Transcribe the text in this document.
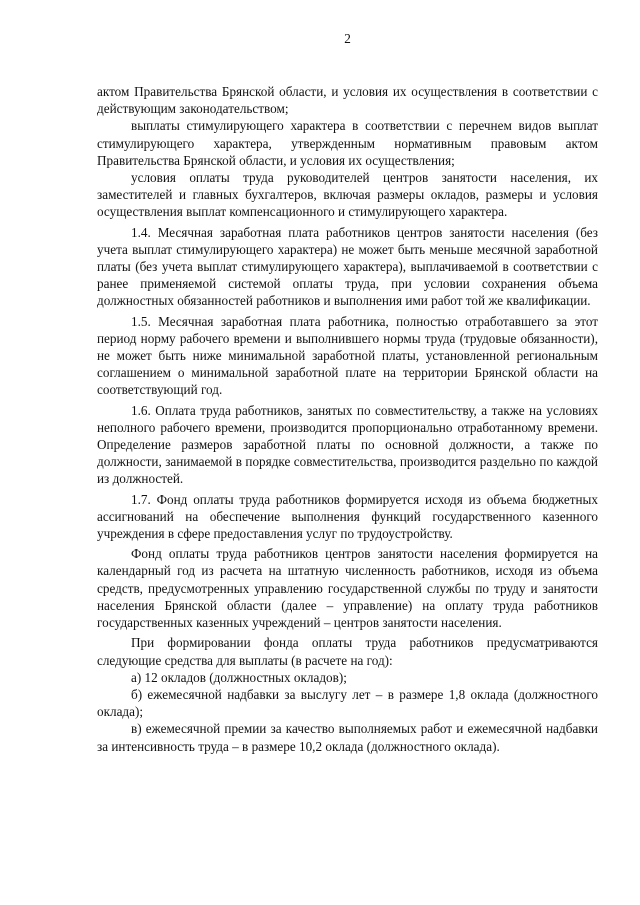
2

актом Правительства Брянской области, и условия их осуществления в соответствии с действующим законодательством;

выплаты стимулирующего характера в соответствии с перечнем видов выплат стимулирующего характера, утвержденным нормативным правовым актом Правительства Брянской области, и условия их осуществления;

условия оплаты труда руководителей центров занятости населения, их заместителей и главных бухгалтеров, включая размеры окладов, размеры и условия осуществления выплат компенсационного и стимулирующего характера.

1.4. Месячная заработная плата работников центров занятости населения (без учета выплат стимулирующего характера) не может быть меньше месячной заработной платы (без учета выплат стимулирующего характера), выплачиваемой в соответствии с ранее применяемой системой оплаты труда, при условии сохранения объема должностных обязанностей работников и выполнения ими работ той же квалификации.

1.5. Месячная заработная плата работника, полностью отработавшего за этот период норму рабочего времени и выполнившего нормы труда (трудовые обязанности), не может быть ниже минимальной заработной платы, установленной региональным соглашением о минимальной заработной плате на территории Брянской области на соответствующий год.

1.6. Оплата труда работников, занятых по совместительству, а также на условиях неполного рабочего времени, производится пропорционально отработанному времени. Определение размеров заработной платы по основной должности, а также по должности, занимаемой в порядке совместительства, производится раздельно по каждой из должностей.

1.7. Фонд оплаты труда работников формируется исходя из объема бюджетных ассигнований на обеспечение выполнения функций государственного казенного учреждения в сфере предоставления услуг по трудоустройству.

Фонд оплаты труда работников центров занятости населения формируется на календарный год из расчета на штатную численность работников, исходя из объема средств, предусмотренных управлению государственной службы по труду и занятости населения Брянской области (далее – управление) на оплату труда работников государственных казенных учреждений – центров занятости населения.

При формировании фонда оплаты труда работников предусматриваются следующие средства для выплаты (в расчете на год):

а) 12 окладов (должностных окладов);

б) ежемесячной надбавки за выслугу лет – в размере 1,8 оклада (должностного оклада);

в) ежемесячной премии за качество выполняемых работ и ежемесячной надбавки за интенсивность труда – в размере 10,2 оклада (должностного оклада).
